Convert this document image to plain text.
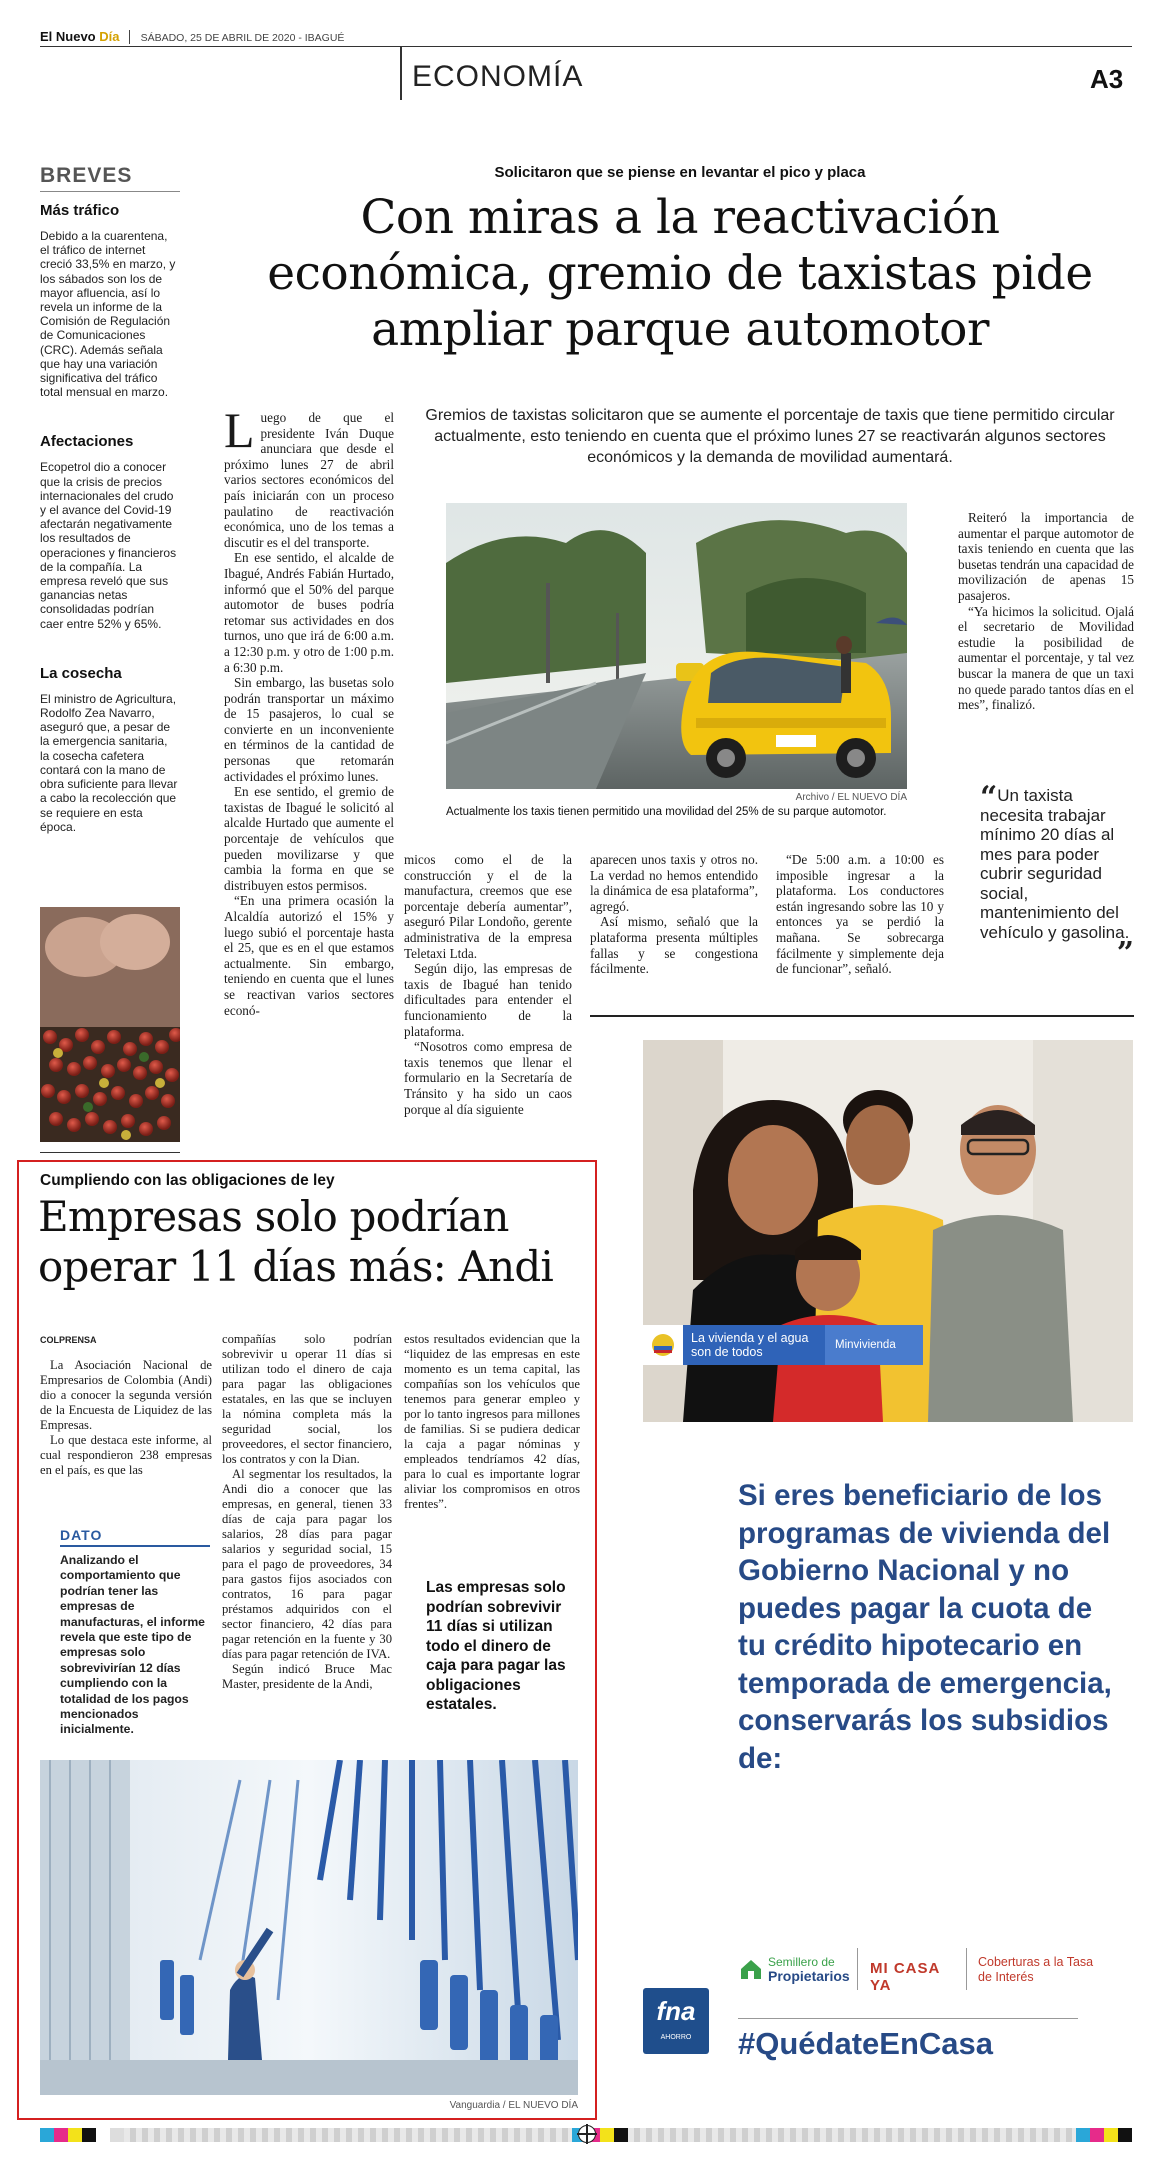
El Nuevo Día SÁBADO, 25 DE ABRIL DE 2020 - IBAGUÉ
ECONOMÍA	A3
BREVES
Más tráfico
Debido a la cuarentena, el tráfico de internet creció 33,5% en marzo, y los sábados son los de mayor afluencia, así lo revela un informe de la Comisión de Regulación de Comunicaciones (CRC). Además señala que hay una variación significativa del tráfico total mensual en marzo.
Afectaciones
Ecopetrol dio a conocer que la crisis de precios internacionales del crudo y el avance del Covid-19 afectarán negativamente los resultados de operaciones y financieros de la compañía. La empresa reveló que sus ganancias netas consolidadas podrían caer entre 52% y 65%.
La cosecha
El ministro de Agricultura, Rodolfo Zea Navarro, aseguró que, a pesar de la emergencia sanitaria, la cosecha cafetera contará con la mano de obra suficiente para llevar a cabo la recolección que se requiere en esta época.
Solicitaron que se piense en levantar el pico y placa
Con miras a la reactivación económica, gremio de taxistas pide ampliar parque automotor
Gremios de taxistas solicitaron que se aumente el porcentaje de taxis que tiene permitido circular actualmente, esto teniendo en cuenta que el próximo lunes 27 se reactivarán algunos sectores económicos y la demanda de movilidad aumentará.

Luego de que el presidente Iván Duque anunciara que desde el próximo lunes 27 de abril varios sectores económicos del país iniciarán con un proceso paulatino de reactivación económica, uno de los temas a discutir es el del transporte.

En ese sentido, el alcalde de Ibagué, Andrés Fabián Hurtado, informó que el 50% del parque automotor de buses podría retomar sus actividades en dos turnos, uno que irá de 6:00 a.m. a 12:30 p.m. y otro de 1:00 p.m. a 6:30 p.m.

Sin embargo, las busetas solo podrán transportar un máximo de 15 pasajeros, lo cual se convierte en un inconveniente en términos de la cantidad de personas que retomarán actividades el próximo lunes.

En ese sentido, el gremio de taxistas de Ibagué le solicitó al alcalde Hurtado que aumente el porcentaje de vehículos que pueden movilizarse y que cambia la forma en que se distribuyen estos permisos.

“En una primera ocasión la Alcaldía autorizó el 15% y luego subió el porcentaje hasta el 25, que es en el que estamos actualmente. Sin embargo, teniendo en cuenta que el lunes se reactivan varios sectores econó-

Archivo / EL NUEVO DÍA
Actualmente los taxis tienen permitido una movilidad del 25% de su parque automotor.

Reiteró la importancia de aumentar el parque automotor de taxis teniendo en cuenta que las busetas tendrán una capacidad de movilización de apenas 15 pasajeros.

“Ya hicimos la solicitud. Ojalá el secretario de Movilidad estudie la posibilidad de aumentar el porcentaje, y tal vez buscar la manera de que un taxi no quede parado tantos días en el mes”, finalizó.

“Un taxista necesita trabajar mínimo 20 días al mes para poder cubrir seguridad social, mantenimiento del vehículo y gasolina.
”

micos como el de la construcción y el de la manufactura, creemos que ese porcentaje debería aumentar”, aseguró Pilar Londoño, gerente administrativa de la empresa Teletaxi Ltda.

Según dijo, las empresas de taxis de Ibagué han tenido dificultades para entender el funcionamiento de la plataforma.

“Nosotros como empresa de taxis tenemos que llenar el formulario en la Secretaría de Tránsito y ha sido un caos porque al día siguiente

aparecen unos taxis y otros no. La verdad no hemos entendido la dinámica de esa plataforma”, agregó.

Así mismo, señaló que la plataforma presenta múltiples fallas y se congestiona fácilmente.

“De 5:00 a.m. a 10:00 es imposible ingresar a la plataforma. Los conductores están ingresando sobre las 10 y entonces ya se perdió la mañana. Se sobrecarga fácilmente y simplemente deja de funcionar”, señaló.

Cumpliendo con las obligaciones de ley
Empresas solo podrían operar 11 días más: Andi
COLPRENSA

La Asociación Nacional de Empresarios de Colombia (Andi) dio a conocer la segunda versión de la Encuesta de Liquidez de las Empresas.

Lo que destaca este informe, al cual respondieron 238 empresas en el país, es que las

DATO
Analizando el comportamiento que podrían tener las empresas de manufacturas, el informe revela que este tipo de empresas solo sobrevivirían 12 días cumpliendo con la totalidad de los pagos mencionados inicialmente.

compañías solo podrían sobrevivir u operar 11 días si utilizan todo el dinero de caja para pagar las obligaciones estatales, en las que se incluyen la nómina completa más la seguridad social, los proveedores, el sector financiero, los contratos y con la Dian.

Al segmentar los resultados, la Andi dio a conocer que las empresas, en general, tienen 33 días de caja para pagar los salarios, 28 días para pagar salarios y seguridad social, 15 para el pago de proveedores, 34 para gastos fijos asociados con contratos, 16 para pagar préstamos adquiridos con el sector financiero, 42 días para pagar retención en la fuente y 30 días para pagar retención de IVA.

Según indicó Bruce Mac Master, presidente de la Andi,

estos resultados evidencian que la “liquidez de las empresas en este momento es un tema capital, las compañías son los vehículos que tenemos para generar empleo y por lo tanto ingresos para millones de familias. Si se pudiera dedicar la caja a pagar nóminas y empleados tendríamos 42 días, para lo cual es importante lograr aliviar los compromisos en otros frentes”.

Las empresas solo podrían sobrevivir 11 días si utilizan todo el dinero de caja para pagar las obligaciones estatales.
Vanguardia / EL NUEVO DÍA
La vivienda y el agua son de todos	Minvivienda
Si eres beneficiario de los programas de vivienda del Gobierno Nacional y no puedes pagar la cuota de tu crédito hipotecario en temporada de emergencia, conservarás los subsidios de:
Semillero de
Propietarios MI CASA YA
Coberturas a la Tasa de Interés
fna
AHORRO	#QuédateEnCasa
